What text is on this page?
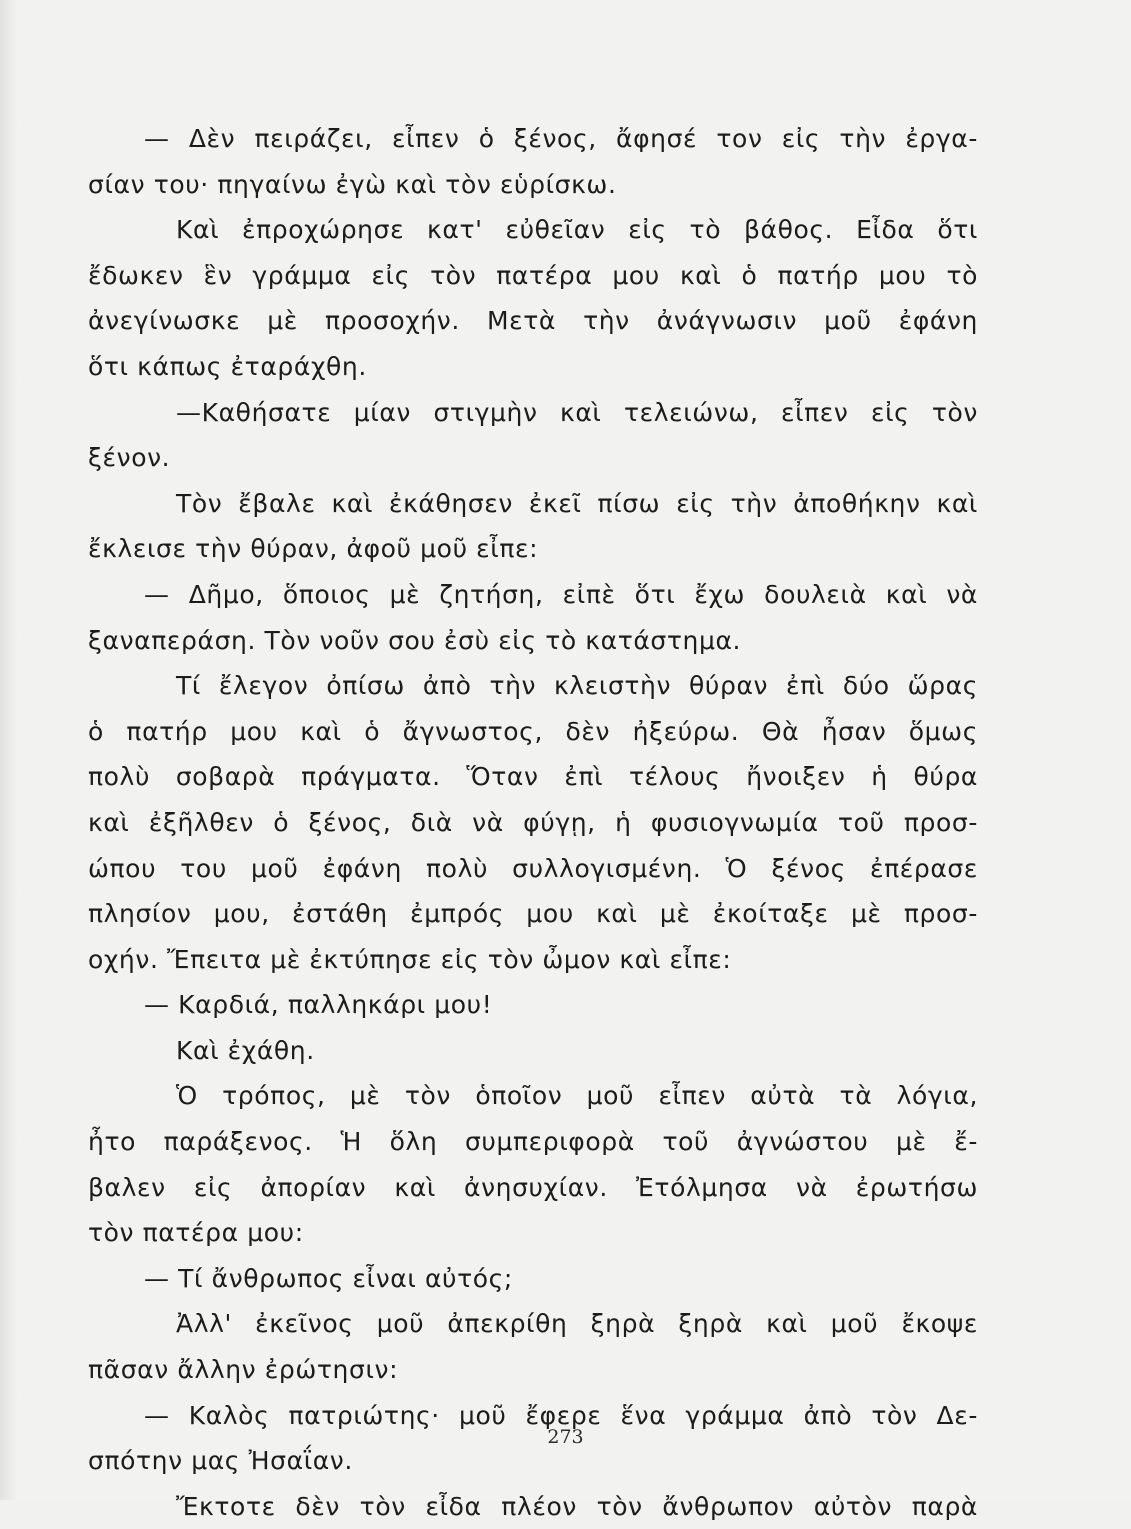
— Δὲν πειράζει, εἶπεν ὁ ξένος, ἄφησέ τον εἰς τὴν ἐργα-
σίαν του· πηγαίνω ἐγὼ καὶ τὸν εὑρίσκω.
Καὶ ἐπροχώρησε κατ' εὐθεῖαν εἰς τὸ βάθος. Εἶδα ὅτι
ἔδωκεν ἓν γράμμα εἰς τὸν πατέρα μου καὶ ὁ πατήρ μου τὸ
ἀνεγίνωσκε μὲ προσοχήν. Μετὰ τὴν ἀνάγνωσιν μοῦ ἐφάνη
ὅτι κάπως ἐταράχθη.
—Καθήσατε μίαν στιγμὴν καὶ τελειώνω, εἶπεν εἰς τὸν
ξένον.
Τὸν ἔβαλε καὶ ἐκάθησεν ἐκεῖ πίσω εἰς τὴν ἀποθήκην καὶ
ἔκλεισε τὴν θύραν, ἀφοῦ μοῦ εἶπε:
— Δῆμο, ὅποιος μὲ ζητήση, εἰπὲ ὅτι ἔχω δουλειὰ καὶ νὰ
ξαναπεράση. Τὸν νοῦν σου ἐσὺ εἰς τὸ κατάστημα.
Τί ἔλεγον ὀπίσω ἀπὸ τὴν κλειστὴν θύραν ἐπὶ δύο ὥρας
ὁ πατήρ μου καὶ ὁ ἄγνωστος, δὲν ἠξεύρω. Θὰ ἦσαν ὅμως
πολὺ σοβαρὰ πράγματα. Ὅταν ἐπὶ τέλους ἤνοιξεν ἡ θύρα
καὶ ἐξῆλθεν ὁ ξένος, διὰ νὰ φύγῃ, ἡ φυσιογνωμία τοῦ προσ-
ώπου του μοῦ ἐφάνη πολὺ συλλογισμένη. Ὁ ξένος ἐπέρασε
πλησίον μου, ἐστάθη ἐμπρός μου καὶ μὲ ἐκοίταξε μὲ προσ-
οχήν. Ἔπειτα μὲ ἐκτύπησε εἰς τὸν ὦμον καὶ εἶπε:
— Καρδιά, παλληκάρι μου!
Καὶ ἐχάθη.
Ὁ τρόπος, μὲ τὸν ὁποῖον μοῦ εἶπεν αὐτὰ τὰ λόγια,
ἦτο παράξενος. Ἡ ὅλη συμπεριφορὰ τοῦ ἀγνώστου μὲ ἔ-
βαλεν εἰς ἀπορίαν καὶ ἀνησυχίαν. Ἐτόλμησα νὰ ἐρωτήσω
τὸν πατέρα μου:
— Τί ἄνθρωπος εἶναι αὐτός;
Ἀλλ' ἐκεῖνος μοῦ ἀπεκρίθη ξηρὰ ξηρὰ καὶ μοῦ ἔκοψε
πᾶσαν ἄλλην ἐρώτησιν:
— Καλὸς πατριώτης· μοῦ ἔφερε ἕνα γράμμα ἀπὸ τὸν Δε-
σπότην μας Ἠσαΐαν.
Ἔκτοτε δὲν τὸν εἶδα πλέον τὸν ἄνθρωπον αὐτὸν παρὰ
273
